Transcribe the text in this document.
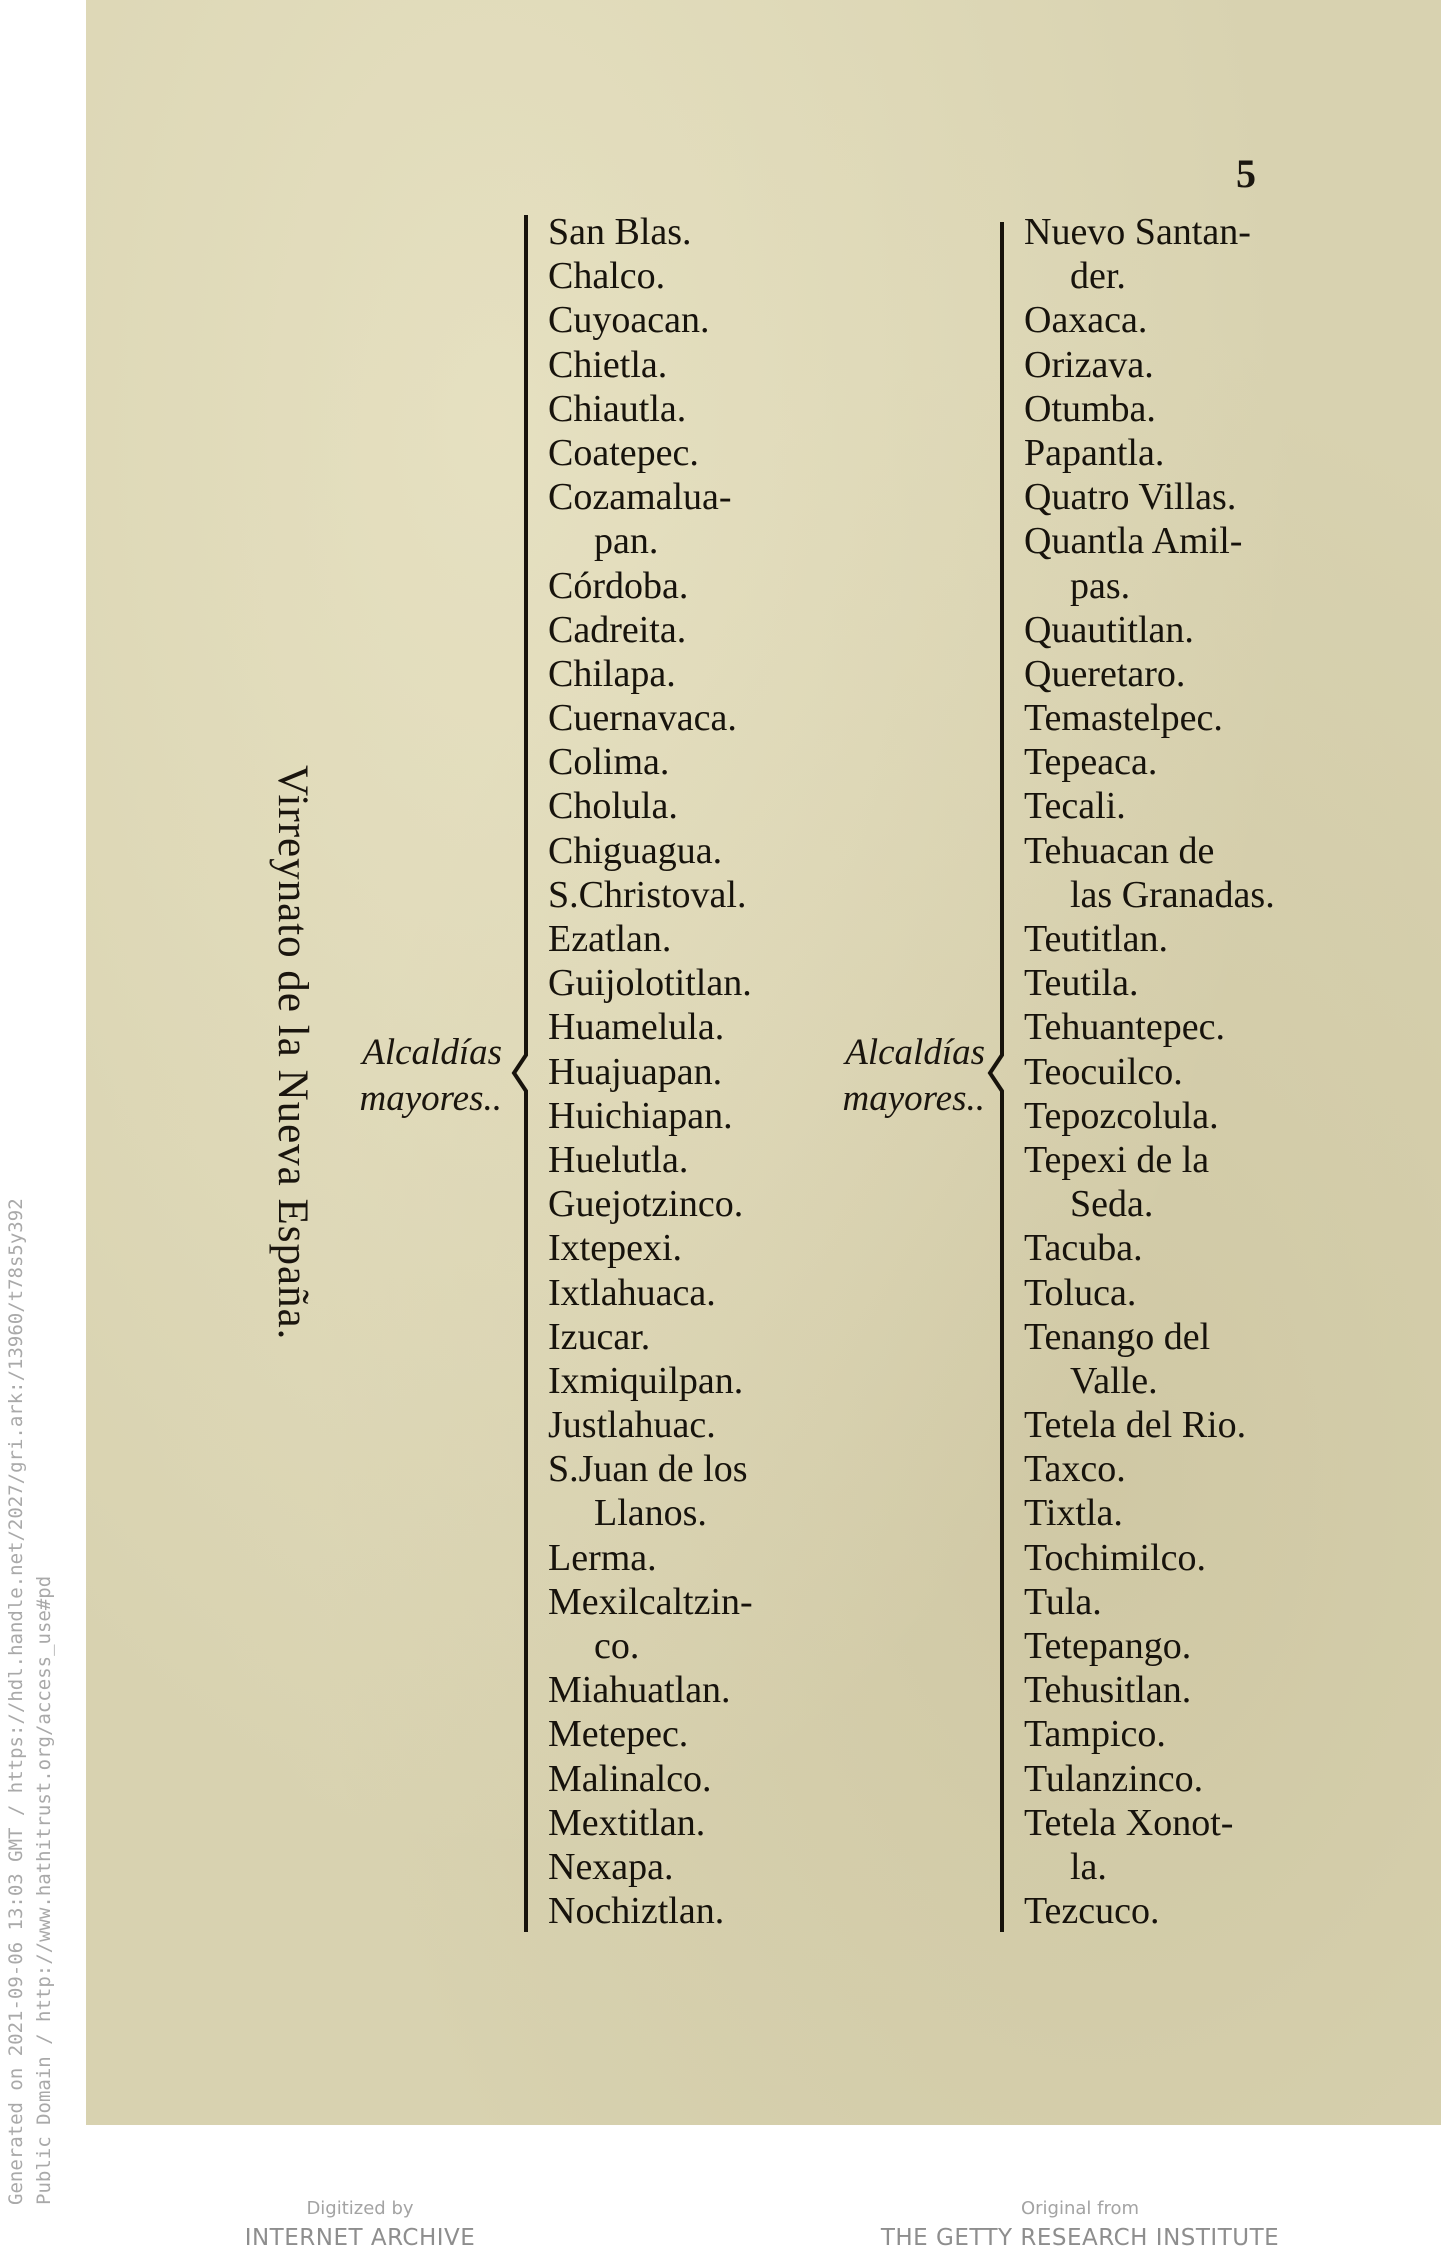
5
Virreynato de la Nueva España.	Alcaldías
mayores..
Alcaldías
mayores..
San Blas.
Chalco.
Cuyoacan.
Chietla.
Chiautla.
Coatepec.
Cozamalua-
pan.
Córdoba.
Cadreita.
Chilapa.
Cuernavaca.
Colima.
Cholula.
Chiguagua.
S.Christoval.
Ezatlan.
Guijolotitlan.
Huamelula.
Huajuapan.
Huichiapan.
Huelutla.
Guejotzinco.
Ixtepexi.
Ixtlahuaca.
Izucar.
Ixmiquilpan.
Justlahuac.
S.Juan de los
Llanos.
Lerma.
Mexilcaltzin-
co.
Miahuatlan.
Metepec.
Malinalco.
Mextitlan.
Nexapa.
Nochiztlan.
Nuevo Santan-
der.
Oaxaca.
Orizava.
Otumba.
Papantla.
Quatro Villas.
Quantla Amil-
pas.
Quautitlan.
Queretaro.
Temastelpec.
Tepeaca.
Tecali.
Tehuacan de
las Granadas.
Teutitlan.
Teutila.
Tehuantepec.
Teocuilco.
Tepozcolula.
Tepexi de la
Seda.
Tacuba.
Toluca.
Tenango del
Valle.
Tetela del Rio.
Taxco.
Tixtla.
Tochimilco.
Tula.
Tetepango.
Tehusitlan.
Tampico.
Tulanzinco.
Tetela Xonot-
la.
Tezcuco.
Generated on 2021-09-06 13:03 GMT / https://hdl.handle.net/2027/gri.ark:/13960/t78s5y392 Public Domain / http://www.hathitrust.org/access_use#pd
Digitized by
INTERNET ARCHIVE
Original from
THE GETTY RESEARCH INSTITUTE
